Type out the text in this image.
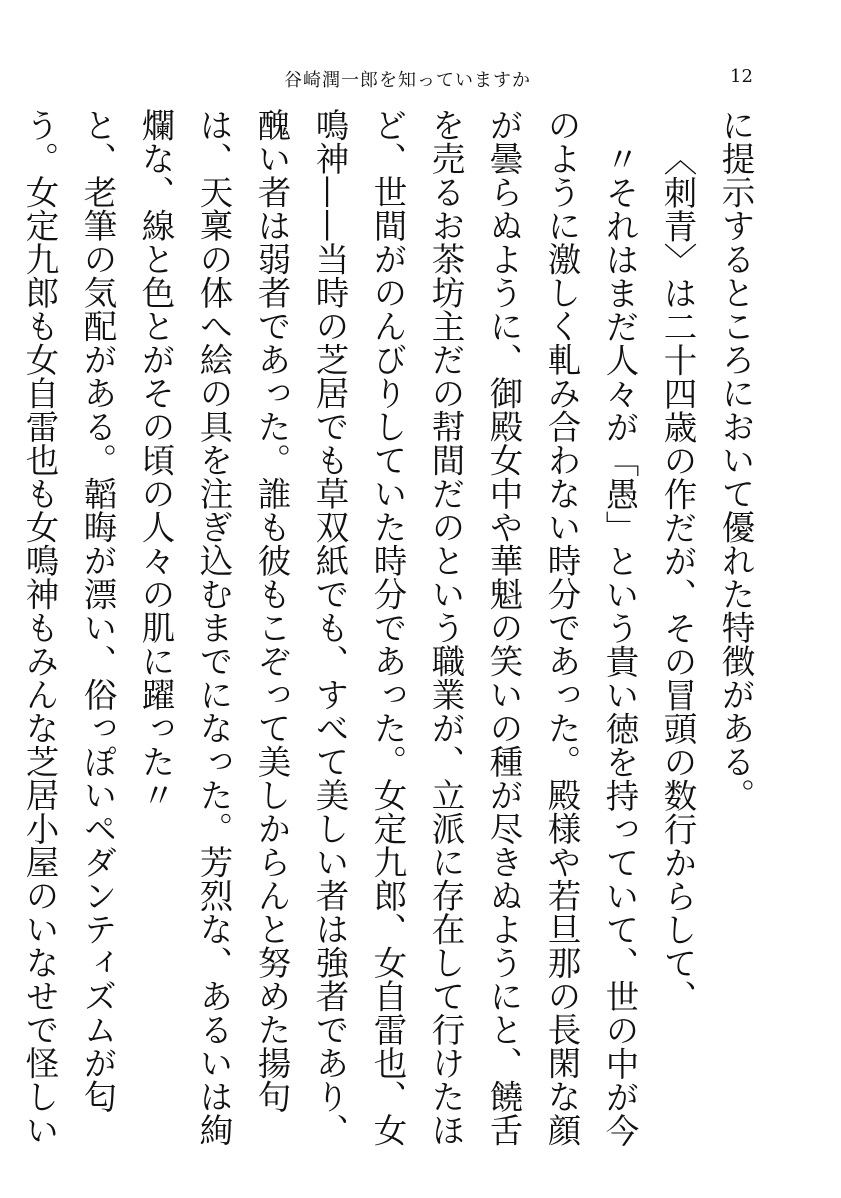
谷崎潤一郎を知っていますか	12

に提示するところにおいて優れた特徴がある。

〈刺青〉は二十四歳の作だが、その冒頭の数行からして、

〃それはまだ人々が「愚」という貴い徳を持っていて、世の中が今のように激しく軋み合わない時分であった。殿様や若旦那の長閑な顔が曇らぬように、御殿女中や華魁の笑いの種が尽きぬようにと、饒舌を売るお茶坊主だの幇間だのという職業が、立派に存在して行けたほど、世間がのんびりしていた時分であった。女定九郎、女自雷也、女鳴神——当時の芝居でも草双紙でも、すべて美しい者は強者であり、醜い者は弱者であった。誰も彼もこぞって美しからんと努めた揚句は、天稟の体へ絵の具を注ぎ込むまでになった。芳烈な、あるいは絢爛な、線と色とがその頃の人々の肌に躍った〃

と、老筆の気配がある。韜晦が漂い、俗っぽいペダンティズムが匂う。女定九郎も女自雷也も女鳴神もみんな芝居小屋のいなせで怪しい
